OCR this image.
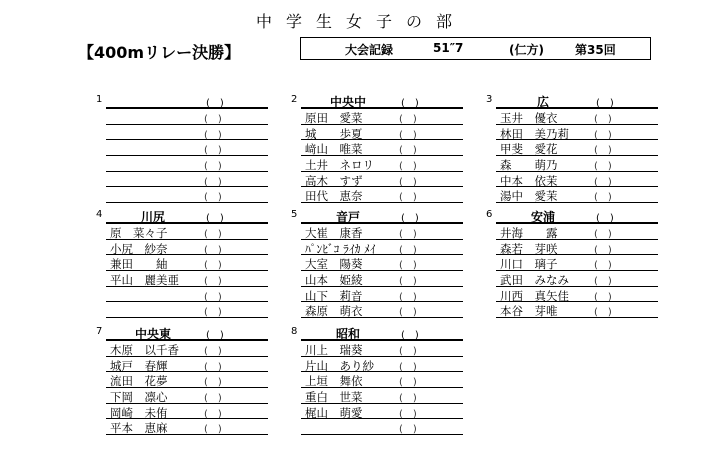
中学生女子の部
【400mリレー決勝】	大会記録	51″7	(仁方)	第35回
1	(　)
(　)
(　)
(　)
(　)
(　)
(　)
2	中央中	(　)
原田　愛菜	(　)
城　　歩夏	(　)
﨑山　唯菜	(　)
土井　ネロリ	(　)
高木　すず	(　)
田代　恵奈	(　)
3	広	(　)
玉井　優衣	(　)
林田　美乃莉	(　)
甲斐　愛花	(　)
森　　萌乃	(　)
中本　依茉	(　)
湯中　愛茉	(　)
4	川尻	(　)
原　菜々子	(　)
小尻　紗奈	(　)
兼田　　紬	(　)
平山　麗美亜	(　)
(　)
(　)
5	音戸	(　)
大崔　康香	(　)
ﾊﾟﾝﾋﾞｺ ﾗｲｶ ﾒｲ (　)
大室　陽葵	(　)
山本　姫綾	(　)
山下　莉音	(　)
森原　萌衣	(　)
6	安浦	(　)
井海　　露	(　)
森若　芽咲	(　)
川口　璃子	(　)
武田　みなみ	(　)
川西　真矢佳	(　)
本谷　芽唯	(　)
7	中央東	(　)
木原　以千香	(　)
城戸　春輝	(　)
流田　花夢	(　)
下岡　凛心	(　)
岡崎　未侑	(　)
平本　恵麻	(　)
8	昭和	(　)
川上　瑞葵	(　)
片山　あり紗	(　)
上垣　舞依	(　)
重白　世菜	(　)
梶山　萌愛	(　)
(　)
